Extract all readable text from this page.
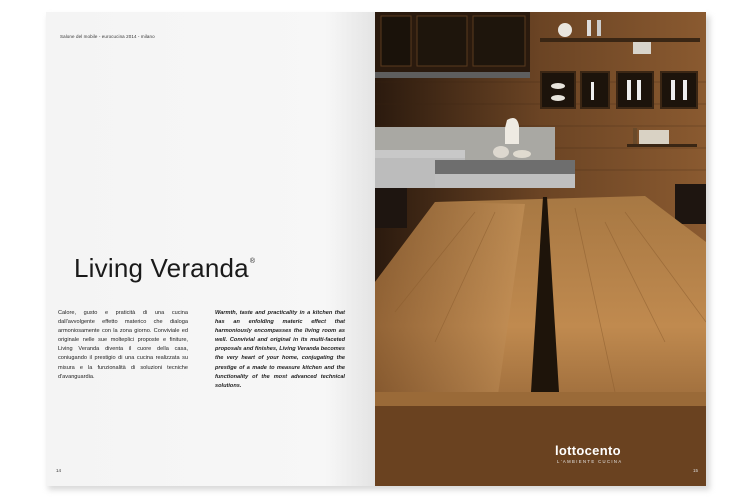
Salone del mobile - eurocucina 2014 - milano
Living Veranda ®
Calore, gusto e praticità di una cucina dall'avvolgente effetto materico che dialoga armoniosamente con la zona giorno. Conviviale ed originale nelle sue molteplici proposte e finiture, Living Veranda diventa il cuore della casa, coniugando il prestigio di una cucina realizzata su misura e la funzionalità di soluzioni tecniche d'avanguardia.
Warmth, taste and practicality in a kitchen that has an enfolding materic effect that harmoniously encompasses the living room as well. Convivial and original in its multi-faceted proposals and finishes, Living Veranda becomes the very heart of your home, conjugating the prestige of a made to measure kitchen and the functionality of the most advanced technical solutions.
14	15
lottocento
L'AMBIENTE CUCINA
